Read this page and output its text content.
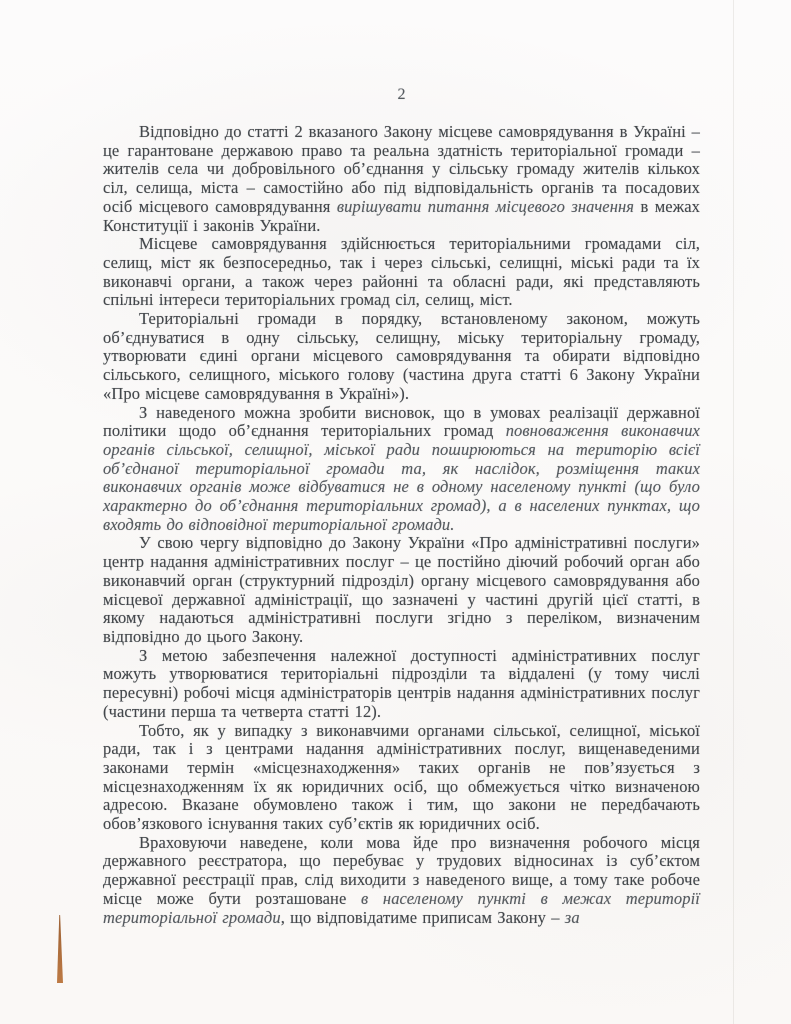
2

Відповідно до статті 2 вказаного Закону місцеве самоврядування в Україні – це гарантоване державою право та реальна здатність територіальної громади – жителів села чи добровільного об’єднання у сільську громаду жителів кількох сіл, селища, міста – самостійно або під відповідальність органів та посадових осіб місцевого самоврядування вирішувати питання місцевого значення в межах Конституції і законів України.

Місцеве самоврядування здійснюється територіальними громадами сіл, селищ, міст як безпосередньо, так і через сільські, селищні, міські ради та їх виконавчі органи, а також через районні та обласні ради, які представляють спільні інтереси територіальних громад сіл, селищ, міст.

Територіальні громади в порядку, встановленому законом, можуть об’єднуватися в одну сільську, селищну, міську територіальну громаду, утворювати єдині органи місцевого самоврядування та обирати відповідно сільського, селищного, міського голову (частина друга статті 6 Закону України «Про місцеве самоврядування в Україні»).

З наведеного можна зробити висновок, що в умовах реалізації державної політики щодо об’єднання територіальних громад повноваження виконавчих органів сільської, селищної, міської ради поширюються на територію всієї об’єднаної територіальної громади та, як наслідок, розміщення таких виконавчих органів може відбуватися не в одному населеному пункті (що було характерно до об’єднання територіальних громад), а в населених пунктах, що входять до відповідної територіальної громади.

У свою чергу відповідно до Закону України «Про адміністративні послуги» центр надання адміністративних послуг – це постійно діючий робочий орган або виконавчий орган (структурний підрозділ) органу місцевого самоврядування або місцевої державної адміністрації, що зазначені у частині другій цієї статті, в якому надаються адміністративні послуги згідно з переліком, визначеним відповідно до цього Закону.

З метою забезпечення належної доступності адміністративних послуг можуть утворюватися територіальні підрозділи та віддалені (у тому числі пересувні) робочі місця адміністраторів центрів надання адміністративних послуг (частини перша та четверта статті 12).

Тобто, як у випадку з виконавчими органами сільської, селищної, міської ради, так і з центрами надання адміністративних послуг, вищенаведеними законами термін «місцезнаходження» таких органів не пов’язується з місцезнаходженням їх як юридичних осіб, що обмежується чітко визначеною адресою. Вказане обумовлено також і тим, що закони не передбачають обов’язкового існування таких суб’єктів як юридичних осіб.

Враховуючи наведене, коли мова йде про визначення робочого місця державного реєстратора, що перебуває у трудових відносинах із суб’єктом державної реєстрації прав, слід виходити з наведеного вище, а тому таке робоче місце може бути розташоване в населеному пункті в межах території територіальної громади, що відповідатиме приписам Закону – за
